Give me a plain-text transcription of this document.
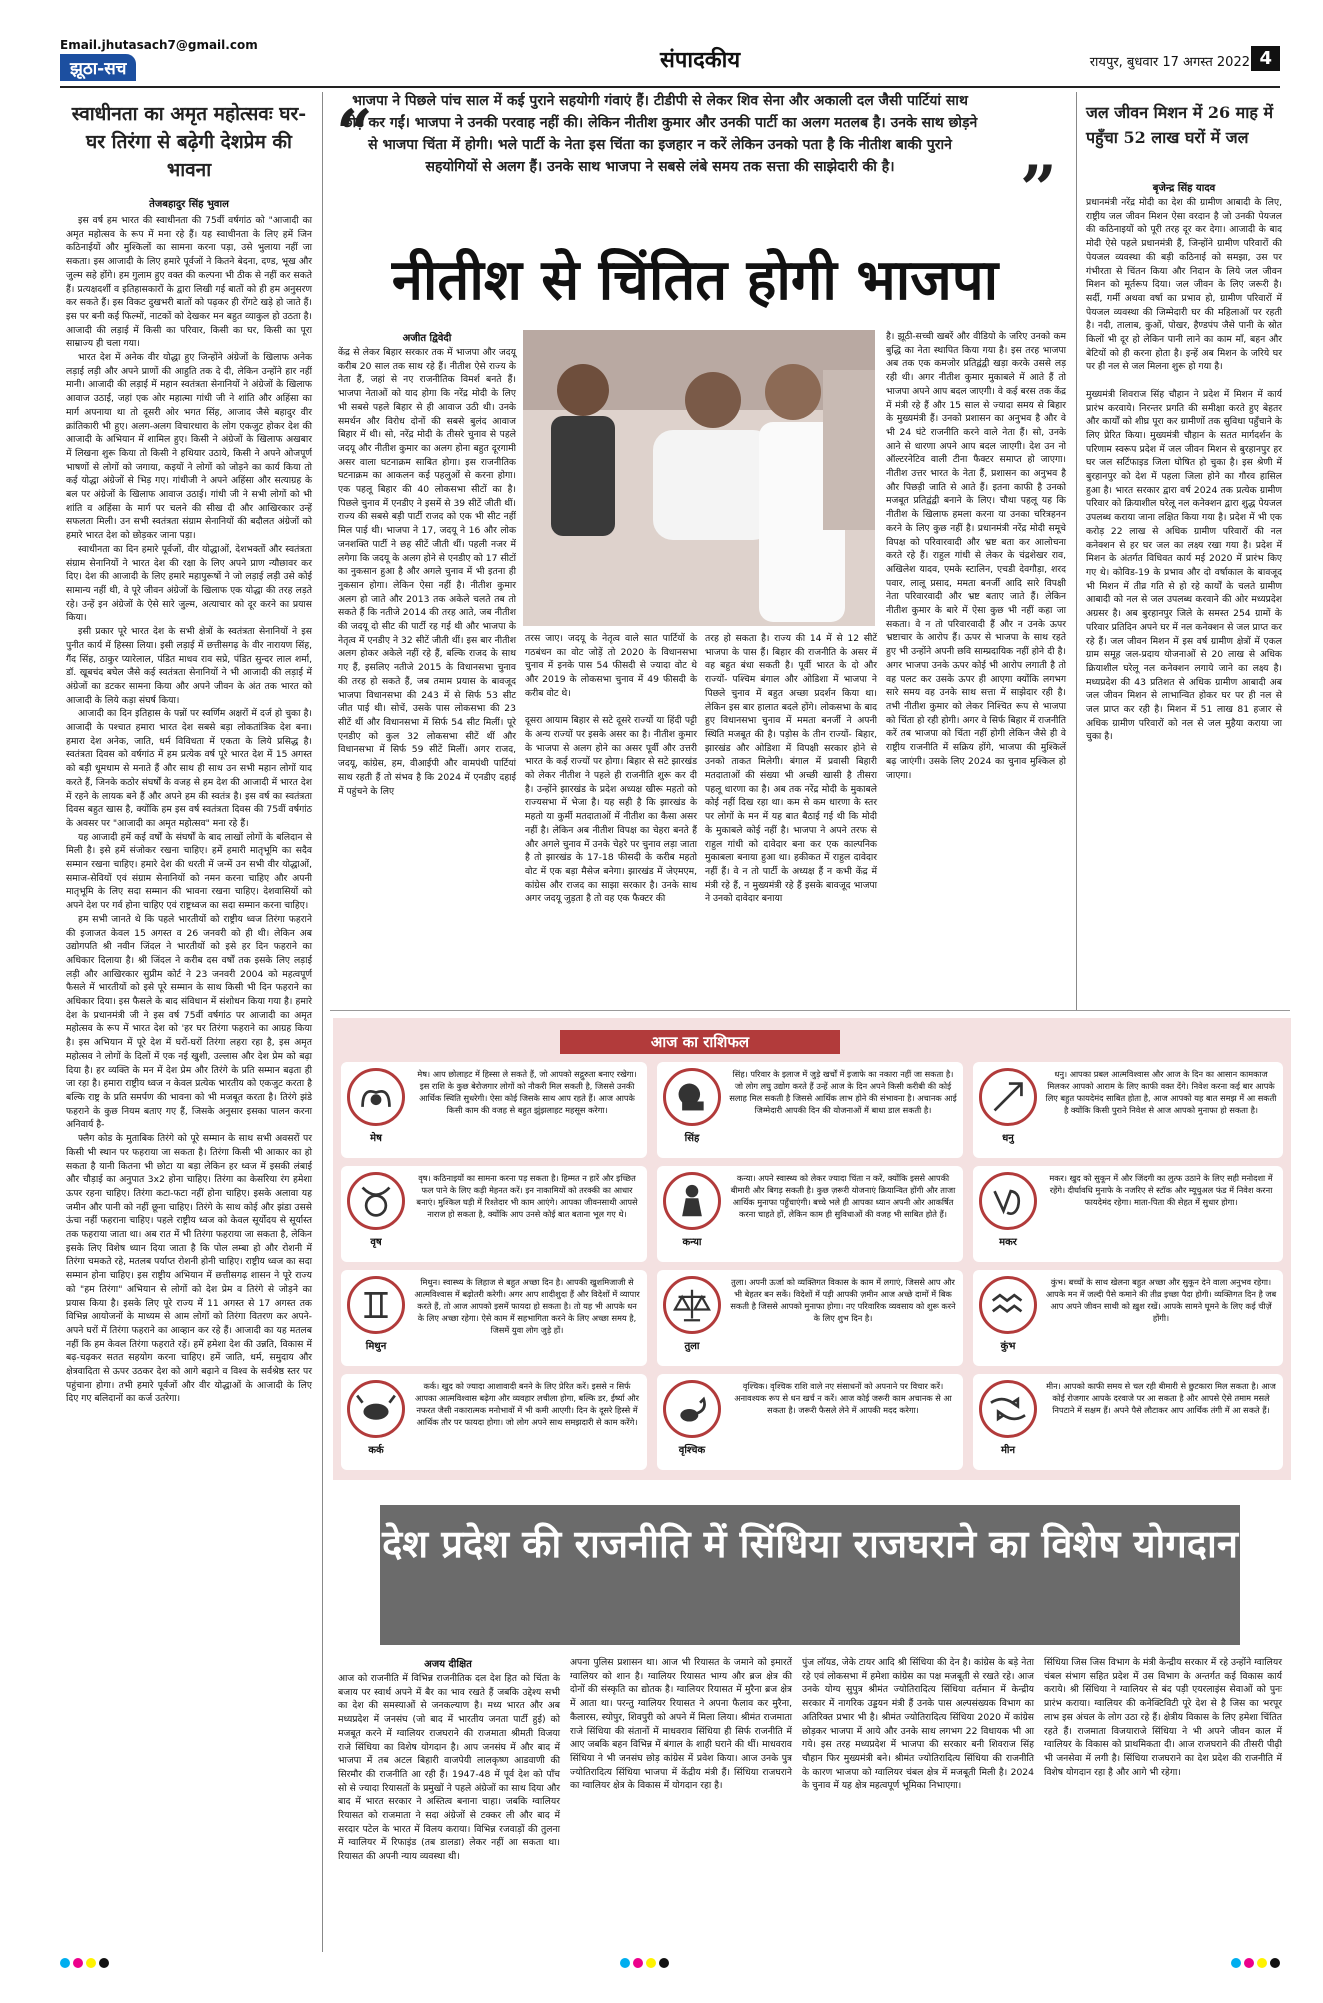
Email.jhutasach7@gmail.com
झूठा-सच	संपादकीय	रायपुर, बुधवार 17 अगस्त 2022 4
स्वाधीनता का अमृत महोत्सवः घर-घर तिरंगा से बढ़ेगी देशप्रेम की भावना
तेजबहादुर सिंह भुवाल

इस वर्ष हम भारत की स्वाधीनता की 75वीं वर्षगांठ को "आजादी का अमृत महोत्सव के रूप में मना रहे हैं। यह स्वाधीनता के लिए हमें जिन कठिनाईयों और मुश्किलों का सामना करना पड़ा, उसे भुलाया नहीं जा सकता। इस आजादी के लिए हमारे पूर्वजों ने कितने बेदना, दण्ड, भूख और जुल्म सहे होंगे। हम गुलाम हुए वक्त की कल्पना भी ठीक से नहीं कर सकते हैं। प्रत्यक्षदर्शी व इतिहासकारों के द्वारा लिखी गई बातों को ही हम अनुसरण कर सकते हैं। इस विकट दुखभरी बातों को पढ़कर ही रोंगटे खड़े हो जाते हैं। इस पर बनी कई फिल्मों, नाटकों को देखकर मन बहुत व्याकुल हो उठता है। आजादी की लड़ाई में किसी का परिवार, किसी का घर, किसी का पूरा साम्राज्य ही चला गया।

भारत देश में अनेक वीर योद्धा हुए जिन्होंने अंग्रेजों के खिलाफ अनेक लड़ाई लड़ी और अपने प्राणों की आहुति तक दे दी, लेकिन उन्होंने हार नहीं मानी। आजादी की लड़ाई में महान स्वतंत्रता सेनानियों ने अंग्रेजों के खिलाफ आवाज उठाई, जहां एक ओर महात्मा गांधी जी ने शांति और अहिंसा का मार्ग अपनाया था तो दूसरी ओर भगत सिंह, आजाद जैसे बहादुर वीर क्रांतिकारी भी हुए। अलग-अलग विचारधारा के लोग एकजुट होकर देश की आजादी के अभियान में शामिल हुए। किसी ने अंग्रेजों के खिलाफ अखबार में लिखना शुरू किया तो किसी ने हथियार उठाये, किसी ने अपने ओजपूर्ण भाषणों से लोगों को जगाया, कइयों ने लोगों को जोड़ने का कार्य किया तो कई योद्धा अंग्रेजों से भिड़ गए। गांधीजी ने अपने अहिंसा और सत्याग्रह के बल पर अंग्रेजों के खिलाफ आवाज उठाई। गांधी जी ने सभी लोगों को भी शांति व अहिंसा के मार्ग पर चलने की सीख दी और आखिरकार उन्हें सफलता मिली। उन सभी स्वतंत्रता संग्राम सेनानियों की बदौलत अंग्रेजों को हमारे भारत देश को छोड़कर जाना पड़ा।

स्वाधीनता का दिन हमारे पूर्वजों, वीर योद्धाओं, देशभक्तों और स्वतंत्रता संग्राम सेनानियों ने भारत देश की रक्षा के लिए अपने प्राण न्यौछावर कर दिए। देश की आजादी के लिए हमारे महापुरूषों ने जो लड़ाई लड़ी उसे कोई सामान्य नहीं थी, वे पूरे जीवन अंग्रेजों के खिलाफ एक योद्धा की तरह लड़ते रहे। उन्हें इन अंग्रेजों के ऐसे सारे जुल्म, अत्याचार को दूर करने का प्रयास किया।

इसी प्रकार पूरे भारत देश के सभी क्षेत्रों के स्वतंत्रता सेनानियों ने इस पुनीत कार्य में हिस्सा लिया। इसी लड़ाई में छत्तीसगढ़ के वीर नारायण सिंह, गैंद सिंह, ठाकुर प्यारेलाल, पंडित माधव राव सप्रे, पंडित सुन्दर लाल शर्मा, डॉ. खूबचंद बघेल जैसे कई स्वतंत्रता सेनानियों ने भी आजादी की लड़ाई में अंग्रेजों का डटकर सामना किया और अपने जीवन के अंत तक भारत को आजादी के लिये कड़ा संघर्ष किया।

आजादी का दिन इतिहास के पन्नों पर स्वर्णिम अक्षरों में दर्ज हो चुका है। आजादी के पश्चात हमारा भारत देश सबसे बड़ा लोकतांत्रिक देश बना। हमारा देश अनेक, जाति, धर्म विविधता में एकता के लिये प्रसिद्ध है। स्वतंत्रता दिवस को वर्षगांठ में हम प्रत्येक वर्ष पूरे भारत देश में 15 अगस्त को बड़ी धूमधाम से मनाते हैं और साथ ही साथ उन सभी महान लोगों याद करते हैं, जिनके कठोर संघर्षों के वजह से हम देश की आजादी में भारत देश में रहने के लायक बने हैं और अपने हम की स्वतंत्र है। इस वर्ष का स्वतंत्रता दिवस बहुत खास है, क्योंकि हम इस वर्ष स्वतंत्रता दिवस की 75वीं वर्षगांठ के अवसर पर "आजादी का अमृत महोत्सव" मना रहे हैं।

यह आजादी हमें कई वर्षों के संघर्षों के बाद लाखों लोगों के बलिदान से मिली है। इसे हमें संजोकर रखना चाहिए। हमें हमारी मातृभूमि का सदैव सम्मान रखना चाहिए। हमारे देश की धरती में जन्में उन सभी वीर योद्धाओं, समाज-सेवियों एवं संग्राम सेनानियों को नमन करना चाहिए और अपनी मातृभूमि के लिए सदा सम्मान की भावना रखना चाहिए। देशवासियों को अपने देश पर गर्व होना चाहिए एवं राष्ट्रध्वज का सदा सम्मान करना चाहिए।

हम सभी जानते थे कि पहले भारतीयों को राष्ट्रीय ध्वज तिरंगा फहराने की इजाजत केवल 15 अगस्त व 26 जनवरी को ही थी। लेकिन अब उद्योगपति श्री नवीन जिंदल ने भारतीयों को इसे हर दिन फहराने का अधिकार दिलाया है। श्री जिंदल ने करीब दस वर्षों तक इसके लिए लड़ाई लड़ी और आखिरकार सुप्रीम कोर्ट ने 23 जनवरी 2004 को महत्वपूर्ण फैसले में भारतीयों को इसे पूरे सम्मान के साथ किसी भी दिन फहराने का अधिकार दिया। इस फैसले के बाद संविधान में संशोधन किया गया है। हमारे देश के प्रधानमंत्री जी ने इस वर्ष 75वीं वर्षगांठ पर आजादी का अमृत महोत्सव के रूप में भारत देश को 'हर घर तिरंगा फहराने का आग्रह किया है। इस अभियान में पूरे देश में घरों-घरों तिरंगा लहरा रहा है, इस अमृत महोत्सव ने लोगों के दिलों में एक नई खुशी, उल्लास और देश प्रेम को बढ़ा दिया है। हर व्यक्ति के मन में देश प्रेम और तिरंगे के प्रति सम्मान बढ़ता ही जा रहा है। हमारा राष्ट्रीय ध्वज न केवल प्रत्येक भारतीय को एकजुट करता है बल्कि राष्ट्र के प्रति समर्पण की भावना को भी मजबूत करता है। तिरंगे झंडे फहराने के कुछ नियम बताए गए हैं, जिसके अनुसार इसका पालन करना अनिवार्य है-

फ्लैग कोड के मुताबिक तिरंगे को पूरे सम्मान के साथ सभी अवसरों पर किसी भी स्थान पर फहराया जा सकता है। तिरंगा किसी भी आकार का हो सकता है यानी कितना भी छोटा या बड़ा लेकिन हर ध्वज में इसकी लंबाई और चौड़ाई का अनुपात 3x2 होना चाहिए। तिरंगा का केसरिया रंग हमेशा ऊपर रहना चाहिए। तिरंगा कटा-फटा नहीं होना चाहिए। इसके अलावा यह जमीन और पानी को नहीं छूना चाहिए। तिरंगे के साथ कोई और झंडा उससे ऊंचा नहीं फहराना चाहिए। पहले राष्ट्रीय ध्वज को केवल सूर्योदय से सूर्यास्त तक फहराया जाता था। अब रात में भी तिरंगा फहराया जा सकता है, लेकिन इसके लिए विशेष ध्यान दिया जाता है कि पोल लम्बा हो और रोशनी में तिरंगा चमकते रहे, मतलब पर्याप्त रोशनी होनी चाहिए। राष्ट्रीय ध्वज का सदा सम्मान होना चाहिए। इस राष्ट्रीय अभियान में छत्तीसगढ़ शासन ने पूरे राज्य को "हम तिरंगा" अभियान से लोगों को देश प्रेम व तिरंगे से जोड़ने का प्रयास किया है। इसके लिए पूरे राज्य में 11 अगस्त से 17 अगस्त तक विभिन्न आयोजनों के माध्यम से आम लोगों को तिरंगा वितरण कर अपने-अपने घरों में तिरंगा फहराने का आव्हान कर रहे हैं। आजादी का यह मतलब नहीं कि हम केवल तिरंगा फहराते रहें। हमें हमेशा देश की उन्नति, विकास में बढ़-चढ़कर सतत सहयोग करना चाहिए। हमें जाति, धर्म, समुदाय और क्षेत्रवादिता से ऊपर उठकर देश को आगे बढ़ाने व विश्व के सर्वश्रेष्ठ स्तर पर पहुंचाना होगा। तभी हमारे पूर्वजों और वीर योद्धाओं के आजादी के लिए दिए गए बलिदानों का कर्ज उतरेगा।

“
भाजपा ने पिछले पांच साल में कई पुराने सहयोगी गंवाएं हैं। टीडीपी से लेकर शिव सेना और अकाली दल जैसी पार्टियां साथ छोड़ कर गईं। भाजपा ने उनकी परवाह नहीं की। लेकिन नीतीश कुमार और उनकी पार्टी का अलग मतलब है। उनके साथ छोड़ने से भाजपा चिंता में होगी। भले पार्टी के नेता इस चिंता का इजहार न करें लेकिन उनको पता है कि नीतीश बाकी पुराने सहयोगियों से अलग हैं। उनके साथ भाजपा ने सबसे लंबे समय तक सत्ता की साझेदारी की है।	”
नीतीश से चिंतित होगी भाजपा
अजीत द्विवेदी
केंद्र से लेकर बिहार सरकार तक में भाजपा और जदयू करीब 20 साल तक साथ रहे हैं। नीतीश ऐसे राज्य के नेता हैं, जहां से नए राजनीतिक विमर्श बनते हैं। भाजपा नेताओं को याद होगा कि नरेंद्र मोदी के लिए भी सबसे पहले बिहार से ही आवाज उठी थी। उनके समर्थन और विरोध दोनों की सबसे बुलंद आवाज बिहार में थी। सो, नरेंद्र मोदी के तीसरे चुनाव से पहले जदयू और नीतीश कुमार का अलग होना बहुत दूरगामी असर वाला घटनाक्रम साबित होगा। इस राजनीतिक घटनाक्रम का आकलन कई पहलुओं से करना होगा। एक पहलू बिहार की 40 लोकसभा सीटों का है। पिछले चुनाव में एनडीए ने इसमें से 39 सीटें जीती थीं। राज्य की सबसे बड़ी पार्टी राजद को एक भी सीट नहीं मिल पाई थी। भाजपा ने 17, जदयू ने 16 और लोक जनशक्ति पार्टी ने छह सीटें जीती थीं। पहली नजर में लगेगा कि जदयू के अलग होने से एनडीए को 17 सीटों का नुकसान हुआ है और अगले चुनाव में भी इतना ही नुकसान होगा। लेकिन ऐसा नहीं है। नीतीश कुमार अलग हो जाते और 2013 तक अकेले चलते तब तो सकते हैं कि नतीजे 2014 की तरह आते, जब नीतीश की जदयू दो सीट की पार्टी रह गई थी और भाजपा के नेतृत्व में एनडीए ने 32 सीटें जीती थीं। इस बार नीतीश अलग होकर अकेले नहीं रहे हैं, बल्कि राजद के साथ गए हैं, इसलिए नतीजे 2015 के विधानसभा चुनाव की तरह हो सकते हैं, जब तमाम प्रयास के बावजूद भाजपा विधानसभा की 243 में से सिर्फ 53 सीट जीत पाई थी। सोचें, उसके पास लोकसभा की 23 सीटें थीं और विधानसभा में सिर्फ 54 सीट मिलीं। पूरे एनडीए को कुल 32 लोकसभा सीटें थीं और विधानसभा में सिर्फ 59 सीटें मिलीं। अगर राजद, जदयू, कांग्रेस, हम, वीआईपी और वामपंथी पार्टियां साथ रहती हैं तो संभव है कि 2024 में एनडीए दहाई में पहुंचने के लिए
तरस जाए। जदयू के नेतृत्व वाले सात पार्टियों के गठबंधन का वोट जोड़ें तो 2020 के विधानसभा चुनाव में इनके पास 54 फीसदी से ज्यादा वोट थे और 2019 के लोकसभा चुनाव में 49 फीसदी के करीब वोट थे।

दूसरा आयाम बिहार से सटे दूसरे राज्यों या हिंदी पट्टी के अन्य राज्यों पर इसके असर का है। नीतीश कुमार के भाजपा से अलग होने का असर पूर्वी और उत्तरी भारत के कई राज्यों पर होगा। बिहार से सटे झारखंड को लेकर नीतीश ने पहले ही राजनीति शुरू कर दी है। उन्होंने झारखंड के प्रदेश अध्यक्ष खीरू महतो को राज्यसभा में भेजा है। यह सही है कि झारखंड के महतो या कुर्मी मतदाताओं में नीतीश का कैसा असर नहीं है। लेकिन अब नीतीश विपक्ष का चेहरा बनते हैं और अगले चुनाव में उनके चेहरे पर चुनाव लड़ा जाता है तो झारखंड के 17-18 फीसदी के करीब महतो वोट में एक बड़ा मैसेज बनेगा। झारखंड में जेएमएम, कांग्रेस और राजद का साझा सरकार है। उनके साथ अगर जदयू जुड़ता है तो वह एक फैक्टर की
तरह हो सकता है। राज्य की 14 में से 12 सीटें भाजपा के पास हैं। बिहार की राजनीति के असर में वह बहुत बंधा सकती है। पूर्वी भारत के दो और राज्यों- पश्चिम बंगाल और ओडिशा में भाजपा ने पिछले चुनाव में बहुत अच्छा प्रदर्शन किया था। लेकिन इस बार हालात बदले होंगे। लोकसभा के बाद हुए विधानसभा चुनाव में ममता बनर्जी ने अपनी स्थिति मजबूत की है। पड़ोस के तीन राज्यों- बिहार, झारखंड और ओडिशा में विपक्षी सरकार होने से उनको ताकत मिलेगी। बंगाल में प्रवासी बिहारी मतदाताओं की संख्या भी अच्छी खासी है तीसरा पहलू धारणा का है। अब तक नरेंद्र मोदी के मुकाबले कोई नहीं दिख रहा था। कम से कम धारणा के स्तर पर लोगों के मन में यह बात बैठाई गई थी कि मोदी के मुकाबले कोई नहीं है। भाजपा ने अपने तरफ से राहुल गांधी को दावेदार बना कर एक काल्पनिक मुकाबला बनाया हुआ था। हकीकत में राहुल दावेदार नहीं हैं। वे न तो पार्टी के अध्यक्ष हैं न कभी केंद्र में मंत्री रहे हैं, न मुख्यमंत्री रहे हैं इसके बावजूद भाजपा ने उनको दावेदार बनाया
है। झूठी-सच्ची खबरें और वीडियो के जरिए उनको कम बुद्धि का नेता स्थापित किया गया है। इस तरह भाजपा अब तक एक कमजोर प्रतिद्वंद्वी खड़ा करके उससे लड़ रही थी। अगर नीतीश कुमार मुकाबले में आते हैं तो भाजपा अपने आप बदल जाएगी। वे कई बरस तक केंद्र में मंत्री रहे हैं और 15 साल से ज्यादा समय से बिहार के मुख्यमंत्री हैं। उनको प्रशासन का अनुभव है और वे भी 24 घंटे राजनीति करने वाले नेता हैं। सो, उनके आने से धारणा अपने आप बदल जाएगी। देश उन नो ऑल्टरनेटिव वाली टीना फैक्टर समाप्त हो जाएगा। नीतीश उत्तर भारत के नेता हैं, प्रशासन का अनुभव है और पिछड़ी जाति से आते हैं। इतना काफी है उनको मजबूत प्रतिद्वंद्वी बनाने के लिए। चौथा पहलू यह कि नीतीश के खिलाफ हमला करना या उनका चरित्रहनन करने के लिए कुछ नहीं है। प्रधानमंत्री नरेंद्र मोदी समूचे विपक्ष को परिवारवादी और भ्रष्ट बता कर आलोचना करते रहे हैं। राहुल गांधी से लेकर के चंद्रशेखर राव, अखिलेश यादव, एमके स्टालिन, एचडी देवगौड़ा, शरद पवार, लालू प्रसाद, ममता बनर्जी आदि सारे विपक्षी नेता परिवारवादी और भ्रष्ट बताए जाते हैं। लेकिन नीतीश कुमार के बारे में ऐसा कुछ भी नहीं कहा जा सकता। वे न तो परिवारवादी हैं और न उनके ऊपर भ्रष्टाचार के आरोप हैं। ऊपर से भाजपा के साथ रहते हुए भी उन्होंने अपनी छवि साम्प्रदायिक नहीं होने दी है। अगर भाजपा उनके ऊपर कोई भी आरोप लगाती है तो वह पलट कर उसके ऊपर ही आएगा क्योंकि लगभग सारे समय वह उनके साथ सत्ता में साझेदार रही है। तभी नीतीश कुमार को लेकर निश्चित रूप से भाजपा को चिंता हो रही होगी। अगर वे सिर्फ बिहार में राजनीति करें तब भाजपा को चिंता नहीं होगी लेकिन जैसे ही वे राष्ट्रीय राजनीति में सक्रिय होंगे, भाजपा की मुश्किलें बढ़ जाएंगी। उसके लिए 2024 का चुनाव मुश्किल हो जाएगा।
जल जीवन मिशन में 26 माह में पहुँचा 52 लाख घरों में जल
बृजेन्द्र सिंह यादव
प्रधानमंत्री नरेंद्र मोदी का देश की ग्रामीण आबादी के लिए, राष्ट्रीय जल जीवन मिशन ऐसा वरदान है जो उनकी पेयजल की कठिनाइयों को पूरी तरह दूर कर देगा। आजादी के बाद मोदी ऐसे पहले प्रधानमंत्री हैं, जिन्होंने ग्रामीण परिवारों की पेयजल व्यवस्था की बड़ी कठिनाई को समझा, उस पर गंभीरता से चिंतन किया और निदान के लिये जल जीवन मिशन को मूर्तरूप दिया। जल जीवन के लिए जरूरी है। सर्दी, गर्मी अथवा वर्षा का प्रभाव हो, ग्रामीण परिवारों में पेयजल व्यवस्था की जिम्मेदारी घर की महिलाओं पर रहती है। नदी, तालाब, कुओं, पोखर, हैण्डपंप जैसे पानी के स्रोत किलों भी दूर हो लेकिन पानी लाने का काम माँ, बहन और बेटियों को ही करना होता है। इन्हें अब मिशन के जरिये घर पर ही नल से जल मिलना शुरू हो गया है।

मुख्यमंत्री शिवराज सिंह चौहान ने प्रदेश में मिशन में कार्य प्रारंभ करवाये। निरन्तर प्रगति की समीक्षा करते हुए बेहतर और कार्यों को शीघ्र पूरा कर ग्रामीणों तक सुविधा पहुँचाने के लिए प्रेरित किया। मुख्यमंत्री चौहान के सतत मार्गदर्शन के परिणाम स्वरूप प्रदेश में जल जीवन मिशन से बुरहानपुर हर घर जल सर्टिफाइड जिला घोषित हो चुका है। इस श्रेणी में बुरहानपुर को देश में पहला जिला होने का गौरव हासिल हुआ है। भारत सरकार द्वारा वर्ष 2024 तक प्रत्येक ग्रामीण परिवार को क्रियाशील घरेलू नल कनेक्शन द्वारा शुद्ध पेयजल उपलब्ध कराया जाना लक्षित किया गया है। प्रदेश में भी एक करोड़ 22 लाख से अधिक ग्रामीण परिवारों की नल कनेक्शन से हर घर जल का लक्ष्य रखा गया है। प्रदेश में मिशन के अंतर्गत विधिवत कार्य मई 2020 में प्रारंभ किए गए थे। कोविड-19 के प्रभाव और दो वर्षाकाल के बावजूद भी मिशन में तीव्र गति से हो रहे कार्यों के चलते ग्रामीण आबादी को नल से जल उपलब्ध करवाने की ओर मध्यप्रदेश अग्रसर है। अब बुरहानपुर जिले के समस्त 254 ग्रामों के परिवार प्रतिदिन अपने घर में नल कनेक्शन से जल प्राप्त कर रहे हैं। जल जीवन मिशन में इस वर्ष ग्रामीण क्षेत्रों में एकल ग्राम समूह जल-प्रदाय योजनाओं से 20 लाख से अधिक क्रियाशील घरेलू नल कनेक्शन लगाये जाने का लक्ष्य है। मध्यप्रदेश की 43 प्रतिशत से अधिक ग्रामीण आबादी अब जल जीवन मिशन से लाभान्वित होकर घर पर ही नल से जल प्राप्त कर रही है। मिशन में 51 लाख 81 हजार से अधिक ग्रामीण परिवारों को नल से जल मुहैया कराया जा चुका है।
आज का राशिफल
मेष
मेष। आप छोलाहट में हिस्सा ले सकते हैं, जो आपको सद्गुरुता बनाए रखेगा। इस राशि के कुछ बेरोजगार लोगों को नौकरी मिल सकती है, जिससे उनकी आर्थिक स्थिति सुधरेगी। ऐसा कोई जिसके साथ आप रहते हैं। आज आपके किसी काम की वजह से बहुत झुंझलाहट महसूस करेगा।
सिंह
सिंह। परिवार के इलाज में जुड़े खर्चों में इजाफे का नकारा नहीं जा सकता है। जो लोग लघु उद्योग करते हैं उन्हें आज के दिन अपने किसी करीबी की कोई सलाह मिल सकती है जिससे आर्थिक लाभ होने की संभावना है। अचानक आई जिम्मेदारी आपकी दिन की योजनाओं में बाधा डाल सकती है।
धनु
धनु। आपका प्रबल आत्मविश्वास और आज के दिन का आसान कामकाज मिलकर आपको आराम के लिए काफी वक्त देंगे। निवेश करना कई बार आपके लिए बहुत फायदेमंद साबित होता है, आज आपको यह बात समझ में आ सकती है क्योंकि किसी पुराने निवेश से आज आपको मुनाफा हो सकता है।
वृष
वृष। कठिनाइयों का सामना करना पड़ सकता है। हिम्मत न हारें और इच्छित फल पाने के लिए कड़ी मेहनत करें। इन नाकामियों को तरक्की का आधार बनाएं। मुश्किल घड़ी में रिश्तेदार भी काम आएंगे। आपका जीवनसाथी आपसे नाराज हो सकता है, क्योंकि आप उनसे कोई बात बताना भूल गए थे।
कन्या
कन्या। अपने स्वास्थ्य को लेकर ज्यादा चिंता न करें, क्योंकि इससे आपकी बीमारी और बिगड़ सकती है। कुछ ज़रूरी योजनाएं क्रियान्वित होंगी और ताजा आर्थिक मुनाफा पहुँचाएंगी। बच्चे भले ही आपका ध्यान अपनी ओर आकर्षित करना चाहते हों, लेकिन काम ही सुविधाओं की वजह भी साबित होते हैं।
मकर
मकर। खुद को सुकून में और जिंदगी का लुत्फ उठाने के लिए सही मनोदशा में रहेंगे। दीर्घावधि मुनाफे के नजरिए से स्टॉक और म्यूचुअल फंड में निवेश करना फायदेमंद रहेगा। माता-पिता की सेहत में सुधार होगा।
मिथुन
मिथुन। स्वास्थ्य के लिहाज से बहुत अच्छा दिन है। आपकी खुशमिजाजी से आत्मविश्वास में बढ़ोतरी करेगी। अगर आप शादीशुदा हैं और विदेशों में व्यापार करते हैं, तो आज आपको इसमें फायदा हो सकता है। तो यह भी आपके धन के लिए अच्छा रहेगा। ऐसे काम में सहभागिता करने के लिए अच्छा समय है, जिसमें युवा लोग जुड़े हों।
तुला
तुला। अपनी ऊर्जा को व्यक्तिगत विकास के काम में लगाएं, जिससे आप और भी बेहतर बन सकें। विदेशों में पड़ी आपकी ज़मीन आज अच्छे दामों में बिक सकती है जिससे आपको मुनाफा होगा। नए परिवारिक व्यवसाय को शुरू करने के लिए शुभ दिन है।
कुंभ
कुंभ। बच्चों के साथ खेलना बहुत अच्छा और सुकून देने वाला अनुभव रहेगा। आपके मन में जल्दी पैसे कमाने की तीव्र इच्छा पैदा होगी। व्यक्तिगत दिन है जब आप अपने जीवन साथी को ख़ुश रखें। आपके सामने घूमने के लिए कई चीज़ें होंगी।
कर्क
कर्क। खुद को ज्यादा आशावादी बनने के लिए प्रेरित करें। इससे न सिर्फ आपका आत्मविश्वास बढ़ेगा और व्यवहार लचीला होगा, बल्कि डर, ईर्ष्या और नफरत जैसी नकारात्मक मनोभावों में भी कमी आएगी। दिन के दूसरे हिस्से में आर्थिक तौर पर फायदा होगा। जो लोग अपने साथ समझदारी से काम करेंगे।
वृश्चिक
वृश्चिक। वृश्चिक राशि वाले नए संसाधनों को अपनाने पर विचार करें। अनावश्यक रूप से धन खर्च न करें। आज कोई जरूरी काम अचानक से आ सकता है। जरूरी फैसले लेने में आपकी मदद करेगा।
मीन
मीन। आपको काफी समय से चल रही बीमारी से छुटकारा मिल सकता है। आज कोई रोजगार आपके दरवाजे पर आ सकता है और आपसे ऐसे तमाम मसले निपटाने में सक्षम हैं। अपने पैसे लौटाकर आप आर्थिक तंगी में आ सकते हैं।
देश प्रदेश की राजनीति में सिंधिया राजघराने का विशेष योगदान
अजय दीक्षित
आज को राजनीति में विभिन्न राजनीतिक दल देश हित को चिंता के बजाय पर स्वार्थ अपने में बैर का भाव रखते हैं जबकि उद्देश्य सभी का देश की समस्याओं से जनकल्याण है। मध्य भारत और अब मध्यप्रदेश में जनसंघ (जो बाद में भारतीय जनता पार्टी हुई) को मजबूत करने में ग्वालियर राजघराने की राजमाता श्रीमती विजया राजे सिंधिया का विशेष योगदान है। आप जनसंघ में और बाद में भाजपा में तब अटल बिहारी वाजपेयी लालकृष्ण आडवाणी की सिरमौर की राजनीति आ रही हैं। 1947-48 में पूर्व देश को पाँच सो से ज्यादा रियासतों के प्रमुखों ने पहले अंग्रेजों का साथ दिया और बाद में भारत सरकार ने अस्तित्व बनाना चाहा। जबकि ग्वालियर रियासत को राजमाता ने सदा अंग्रेजों से टक्कर ली और बाद में सरदार पटेल के भारत में विलय कराया। विभिन्न रजवाड़ों की तुलना में ग्वालियर में रिफाइंड (तब डालडा) लेकर नहीं आ सकता था। रियासत की अपनी न्याय व्यवस्था थी।
अपना पुलिस प्रशासन था। आज भी रियासत के जमाने को इमारतें ग्वालियर को शान है। ग्वालियर रियासत भाग्य और ब्रज क्षेत्र की दोनों की संस्कृति का द्योतक है। ग्वालियर रियासत में मुरैना ब्रज क्षेत्र में आता था। परन्तु ग्वालियर रियासत ने अपना फैलाव कर मुरैना, कैलारस, स्योपुर, शिवपुरी को अपने में मिला लिया। श्रीमंत राजमाता राजे सिंधिया की संतानों में माधवराव सिंधिया ही सिर्फ राजनीति में आए जबकि बहन विभिन्न में बंगाल के शाही घराने की थीं। माधवराव सिंधिया ने भी जनसंघ छोड़ कांग्रेस में प्रवेश किया। आज उनके पुत्र ज्योतिरादित्य सिंधिया भाजपा में केंद्रीय मंत्री हैं। सिंधिया राजघराने का ग्वालियर क्षेत्र के विकास में योगदान रहा है।
पुंज लॉयड, जेके टायर आदि श्री सिंधिया की देन है। कांग्रेस के बड़े नेता रहे एवं लोकसभा में हमेशा कांग्रेस का पक्ष मजबूती से रखते रहे। आज उनके योग्य सुपुत्र श्रीमंत ज्योतिरादित्य सिंधिया वर्तमान में केन्द्रीय सरकार में नागरिक उड्डयन मंत्री हैं उनके पास अल्पसंख्यक विभाग का अतिरिक्त प्रभार भी है। श्रीमंत ज्योतिरादित्य सिंधिया 2020 में कांग्रेस छोड़कर भाजपा में आये और उनके साथ लगभग 22 विधायक भी आ गये। इस तरह मध्यप्रदेश में भाजपा की सरकार बनी शिवराज सिंह चौहान फिर मुख्यमंत्री बने। श्रीमंत ज्योतिरादित्य सिंधिया की राजनीति के कारण भाजपा को ग्वालियर चंबल क्षेत्र में मजबूती मिली है। 2024 के चुनाव में यह क्षेत्र महत्वपूर्ण भूमिका निभाएगा।
सिंधिया जिस जिस विभाग के मंत्री केन्द्रीय सरकार में रहे उन्होंने ग्वालियर चंबल संभाग सहित प्रदेश में उस विभाग के अन्तर्गत कई विकास कार्य कराये। श्री सिंधिया ने ग्वालियर से बंद पड़ी एयरलाइंस सेवाओं को पुनः प्रारंभ कराया। ग्वालियर की कनेक्टिविटी पूरे देश से है जिस का भरपूर लाभ इस अंचल के लोग उठा रहे हैं। क्षेत्रीय विकास के लिए हमेशा चिंतित रहते हैं। राजमाता विजयाराजे सिंधिया ने भी अपने जीवन काल में ग्वालियर के विकास को प्राथमिकता दी। आज राजघराने की तीसरी पीढ़ी भी जनसेवा में लगी है। सिंधिया राजघराने का देश प्रदेश की राजनीति में विशेष योगदान रहा है और आगे भी रहेगा।
